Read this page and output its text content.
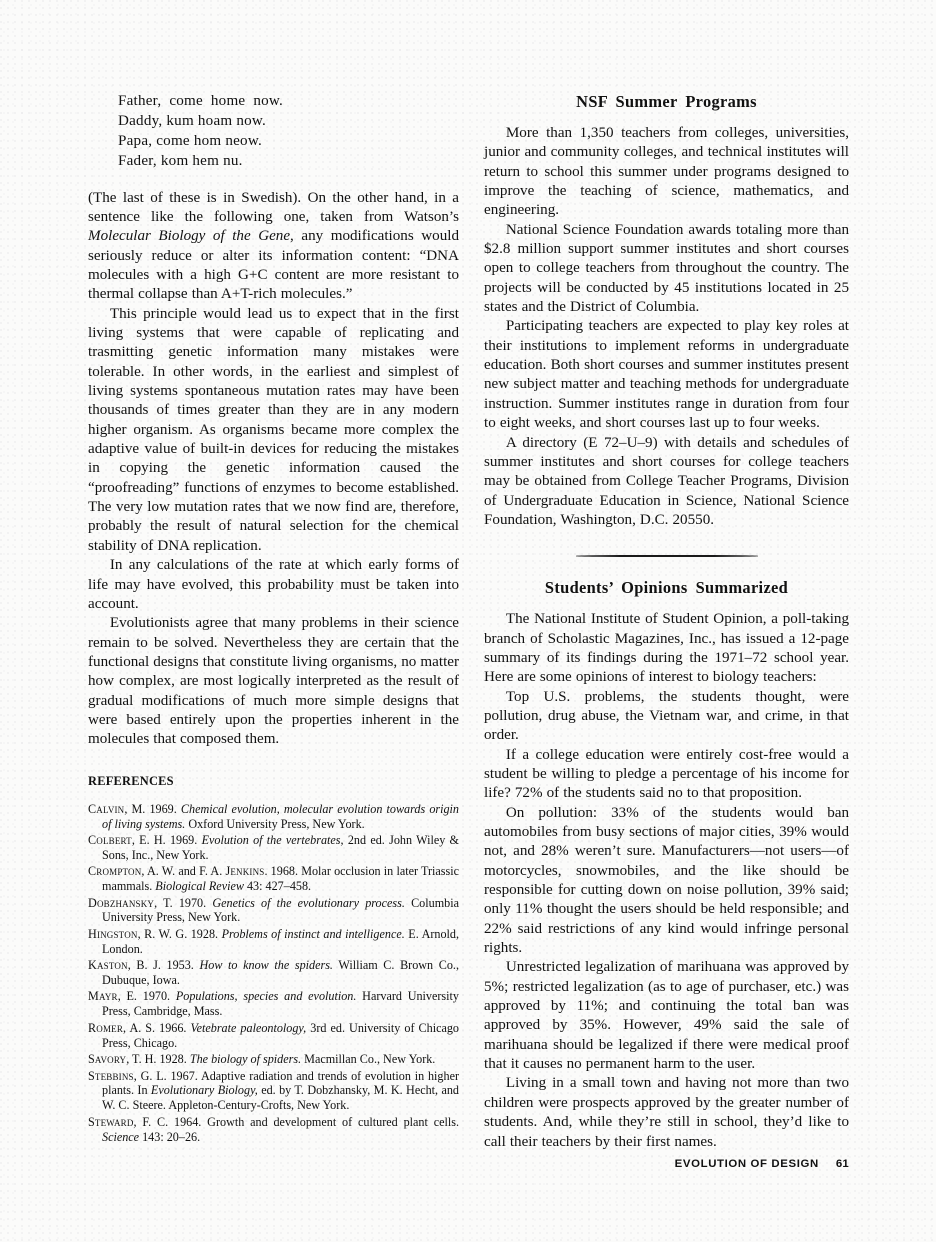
Father,  come  home  now.
Daddy, kum hoam now.
Papa, come hom neow.
Fader, kom hem nu.

(The last of these is in Swedish). On the other hand, in a sentence like the following one, taken from Watson’s Molecular Biology of the Gene, any modifications would seriously reduce or alter its information content: “DNA molecules with a high G+C content are more resistant to thermal collapse than A+T-rich molecules.”

This principle would lead us to expect that in the first living systems that were capable of replicating and trasmitting genetic information many mistakes were tolerable. In other words, in the earliest and simplest of living systems spontaneous mutation rates may have been thousands of times greater than they are in any modern higher organism. As organisms became more complex the adaptive value of built-in devices for reducing the mistakes in copying the genetic information caused the “proofreading” functions of enzymes to become established. The very low mutation rates that we now find are, therefore, probably the result of natural selection for the chemical stability of DNA replication.

In any calculations of the rate at which early forms of life may have evolved, this probability must be taken into account.

Evolutionists agree that many problems in their science remain to be solved. Nevertheless they are certain that the functional designs that constitute living organisms, no matter how complex, are most logically interpreted as the result of gradual modifications of much more simple designs that were based entirely upon the properties inherent in the molecules that composed them.

REFERENCES
Calvin, M. 1969. Chemical evolution, molecular evolution towards origin of living systems. Oxford University Press, New York.
Colbert, E. H. 1969. Evolution of the vertebrates, 2nd ed. John Wiley & Sons, Inc., New York.
Crompton, A. W. and F. A. Jenkins. 1968. Molar occlusion in later Triassic mammals. Biological Review 43: 427–458.
Dobzhansky, T. 1970. Genetics of the evolutionary process. Columbia University Press, New York.
Hingston, R. W. G. 1928. Problems of instinct and intelligence. E. Arnold, London.
Kaston, B. J. 1953. How to know the spiders. William C. Brown Co., Dubuque, Iowa.
Mayr, E. 1970. Populations, species and evolution. Harvard University Press, Cambridge, Mass.
Romer, A. S. 1966. Vetebrate paleontology, 3rd ed. University of Chicago Press, Chicago.
Savory, T. H. 1928. The biology of spiders. Macmillan Co., New York.
Stebbins, G. L. 1967. Adaptive radiation and trends of evolution in higher plants. In Evolutionary Biology, ed. by T. Dobzhansky, M. K. Hecht, and W. C. Steere. Appleton-Century-Crofts, New York.
Steward, F. C. 1964. Growth and development of cultured plant cells. Science 143: 20–26.
NSF Summer Programs

More than 1,350 teachers from colleges, universities, junior and community colleges, and technical institutes will return to school this summer under programs designed to improve the teaching of science, mathematics, and engineering.

National Science Foundation awards totaling more than $2.8 million support summer institutes and short courses open to college teachers from throughout the country. The projects will be conducted by 45 institutions located in 25 states and the District of Columbia.

Participating teachers are expected to play key roles at their institutions to implement reforms in undergraduate education. Both short courses and summer institutes present new subject matter and teaching methods for undergraduate instruction. Summer institutes range in duration from four to eight weeks, and short courses last up to four weeks.

A directory (E 72–U–9) with details and schedules of summer institutes and short courses for college teachers may be obtained from College Teacher Programs, Division of Undergraduate Education in Science, National Science Foundation, Washington, D.C. 20550.

Students’ Opinions Summarized

The National Institute of Student Opinion, a poll-taking branch of Scholastic Magazines, Inc., has issued a 12-page summary of its findings during the 1971–72 school year. Here are some opinions of interest to biology teachers:

Top U.S. problems, the students thought, were pollution, drug abuse, the Vietnam war, and crime, in that order.

If a college education were entirely cost-free would a student be willing to pledge a percentage of his income for life? 72% of the students said no to that proposition.

On pollution: 33% of the students would ban automobiles from busy sections of major cities, 39% would not, and 28% weren’t sure. Manufacturers—not users—of motorcycles, snowmobiles, and the like should be responsible for cutting down on noise pollution, 39% said; only 11% thought the users should be held responsible; and 22% said restrictions of any kind would infringe personal rights.

Unrestricted legalization of marihuana was approved by 5%; restricted legalization (as to age of purchaser, etc.) was approved by 11%; and continuing the total ban was approved by 35%. However, 49% said the sale of marihuana should be legalized if there were medical proof that it causes no permanent harm to the user.

Living in a small town and having not more than two children were prospects approved by the greater number of students. And, while they’re still in school, they’d like to call their teachers by their first names.

EVOLUTION OF DESIGN 61
